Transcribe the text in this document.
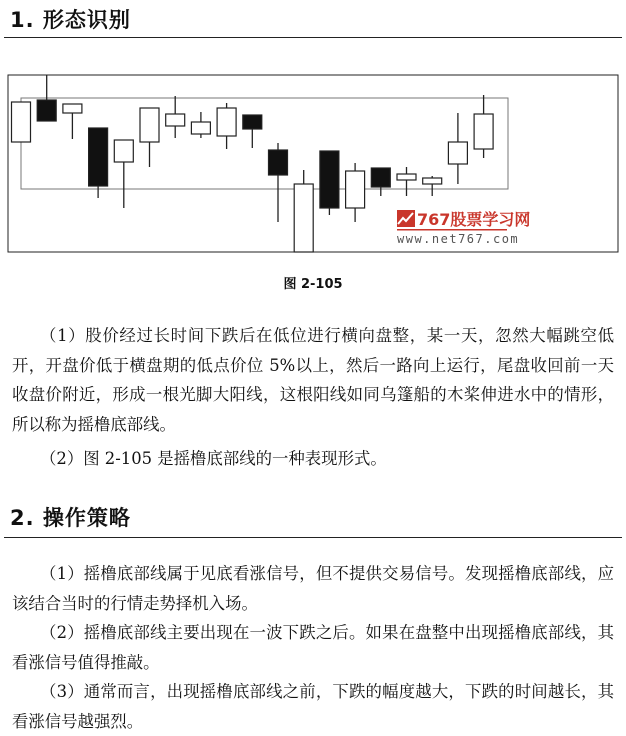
1. 形态识别
767股票学习网
www.net767.com
图 2-105

（1）股价经过长时间下跌后在低位进行横向盘整，某一天，忽然大幅跳空低开，开盘价低于横盘期的低点价位 5%以上，然后一路向上运行，尾盘收回前一天收盘价附近，形成一根光脚大阳线，这根阳线如同乌篷船的木桨伸进水中的情形，所以称为摇橹底部线。

（2）图 2-105 是摇橹底部线的一种表现形式。

2. 操作策略

（1）摇橹底部线属于见底看涨信号，但不提供交易信号。发现摇橹底部线，应该结合当时的行情走势择机入场。

（2）摇橹底部线主要出现在一波下跌之后。如果在盘整中出现摇橹底部线，其看涨信号值得推敲。

（3）通常而言，出现摇橹底部线之前，下跌的幅度越大，下跌的时间越长，其看涨信号越强烈。
